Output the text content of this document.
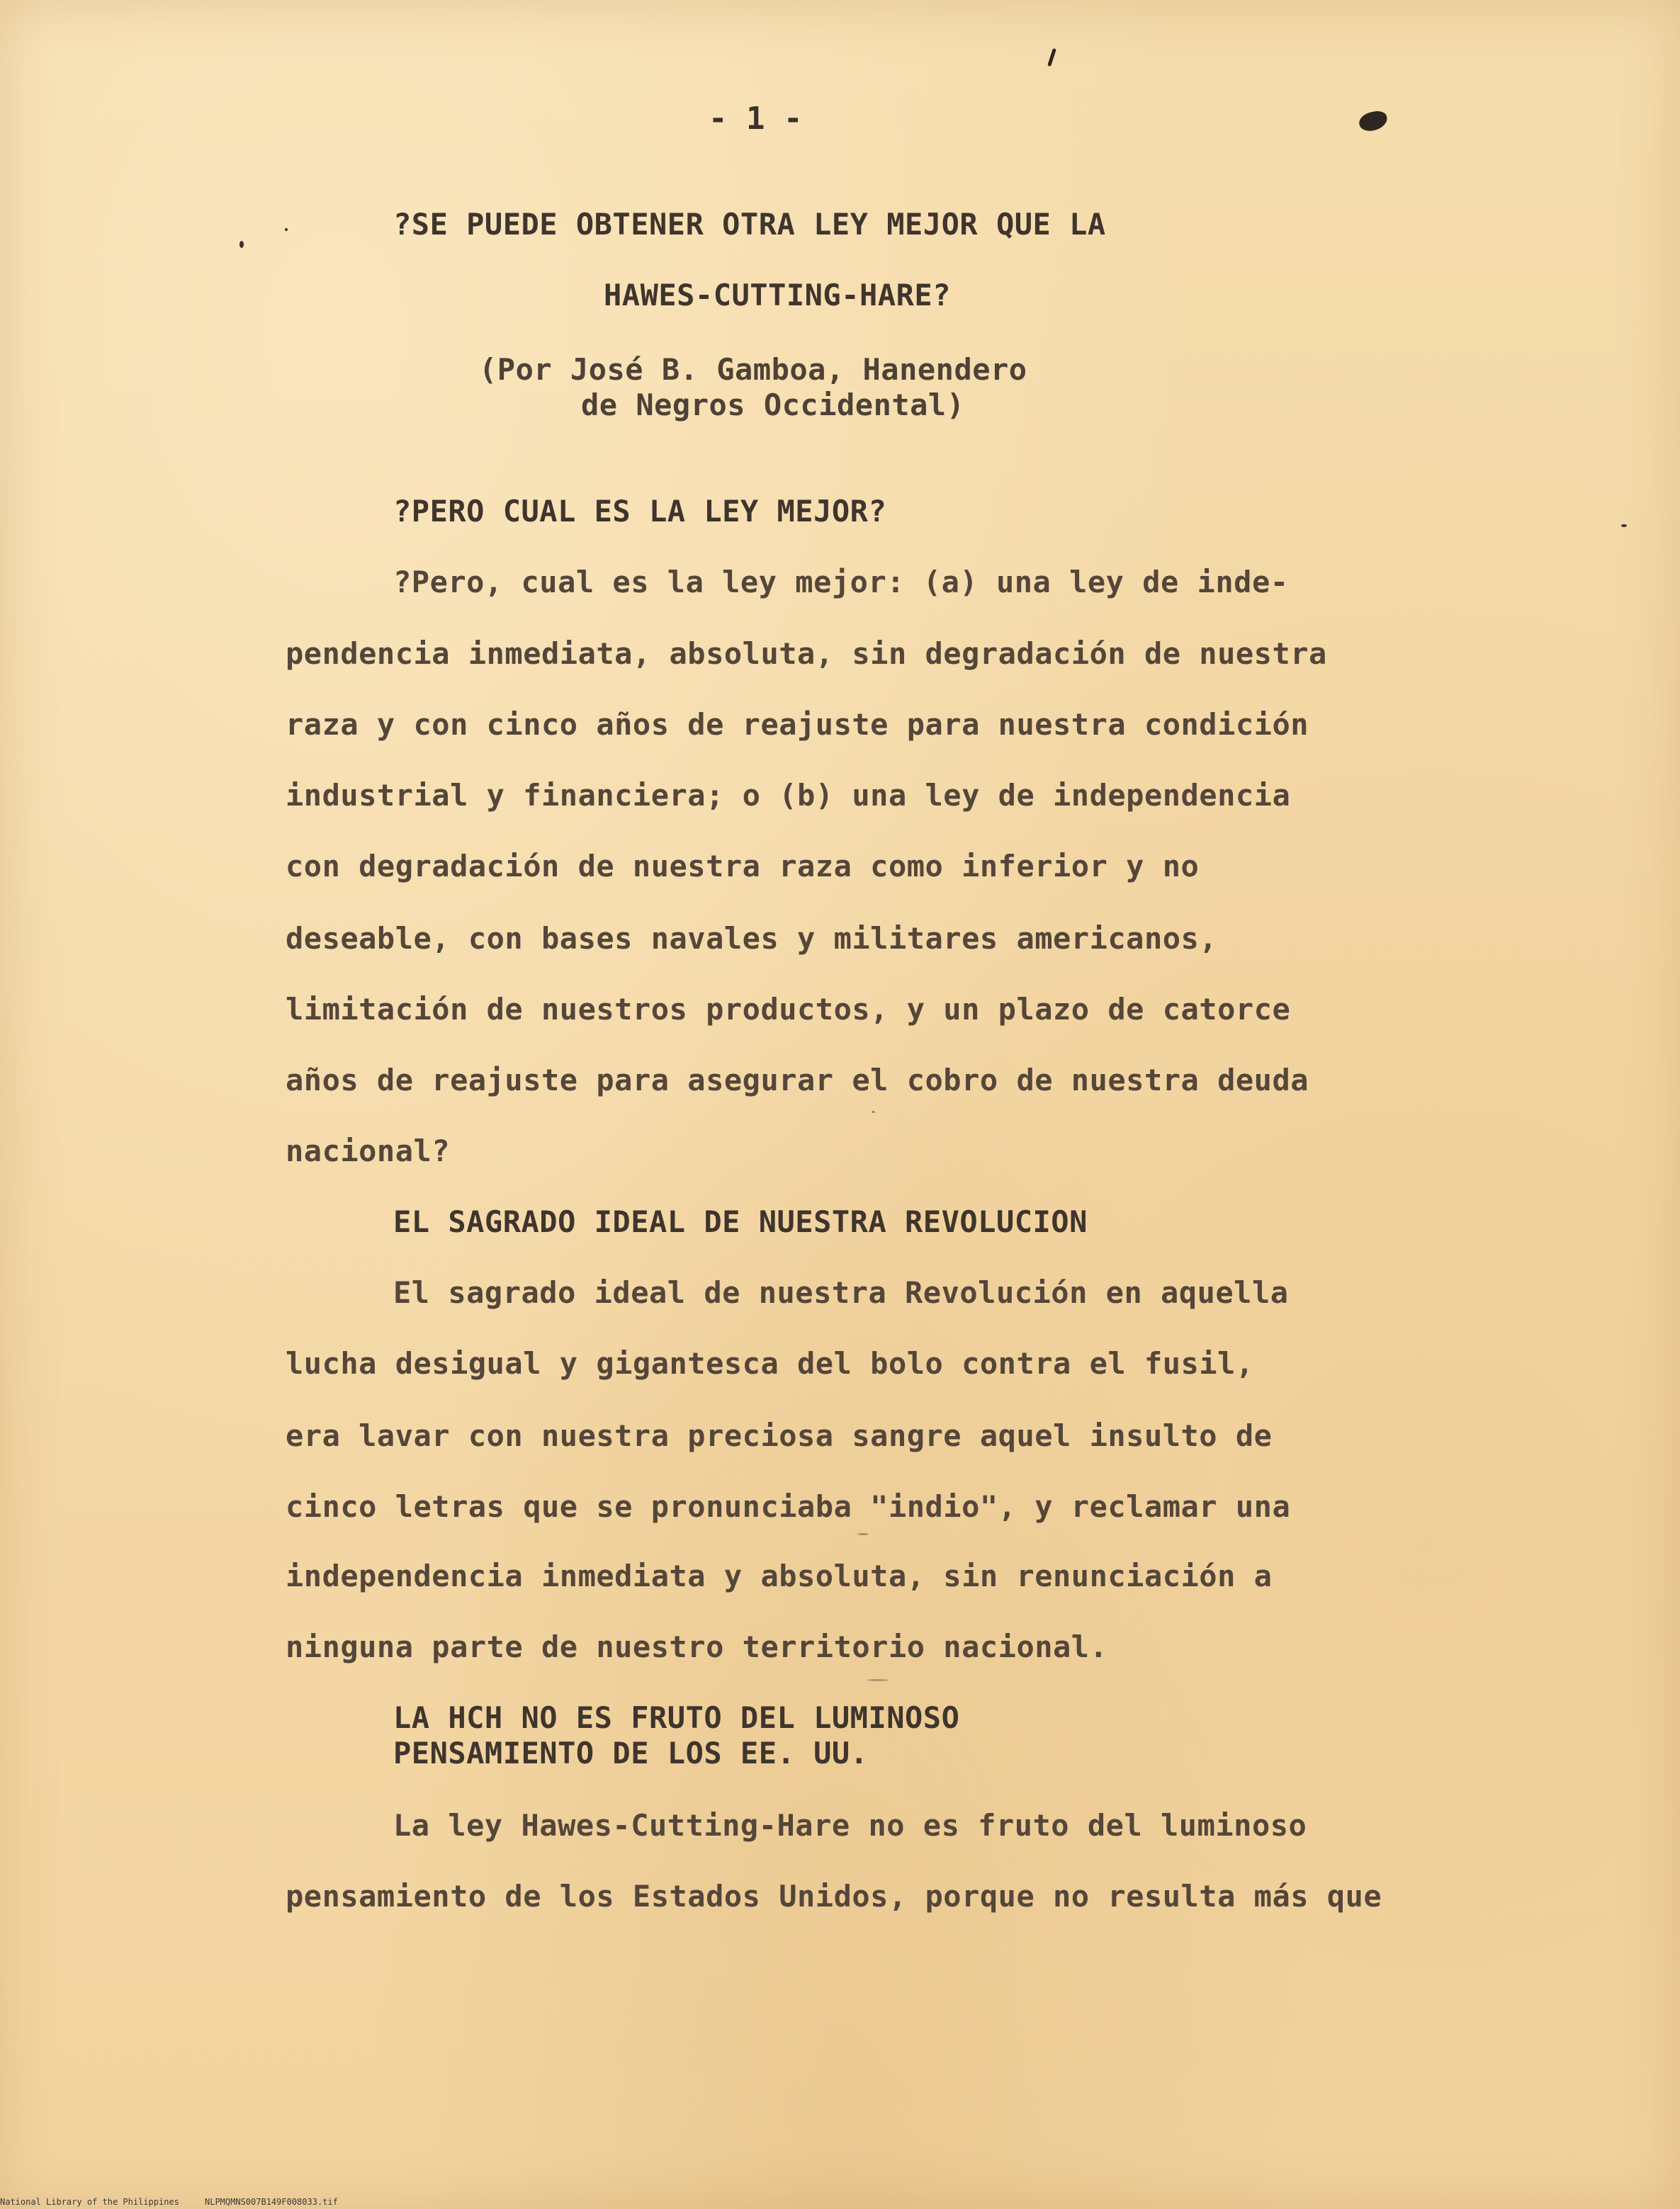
- 1 -
?SE PUEDE OBTENER OTRA LEY MEJOR QUE LA
HAWES-CUTTING-HARE?
(Por José B. Gamboa, Hanendero
de Negros Occidental)
?PERO CUAL ES LA LEY MEJOR?
?Pero, cual es la ley mejor: (a) una ley de inde-
pendencia inmediata, absoluta, sin degradación de nuestra
raza y con cinco años de reajuste para nuestra condición
industrial y financiera; o (b) una ley de independencia
con degradación de nuestra raza como inferior y no
deseable, con bases navales y militares americanos,
limitación de nuestros productos, y un plazo de catorce
años de reajuste para asegurar el cobro de nuestra deuda
nacional?
EL SAGRADO IDEAL DE NUESTRA REVOLUCION
El sagrado ideal de nuestra Revolución en aquella
lucha desigual y gigantesca del bolo contra el fusil,
era lavar con nuestra preciosa sangre aquel insulto de
cinco letras que se pronunciaba "indio", y reclamar una
independencia inmediata y absoluta, sin renunciación a
ninguna parte de nuestro territorio nacional.
LA HCH NO ES FRUTO DEL LUMINOSO
PENSAMIENTO DE LOS EE. UU.
La ley Hawes-Cutting-Hare no es fruto del luminoso
pensamiento de los Estados Unidos, porque no resulta más que
National Library of the Philippines	NLPMQMNS007B149F008033.tif
